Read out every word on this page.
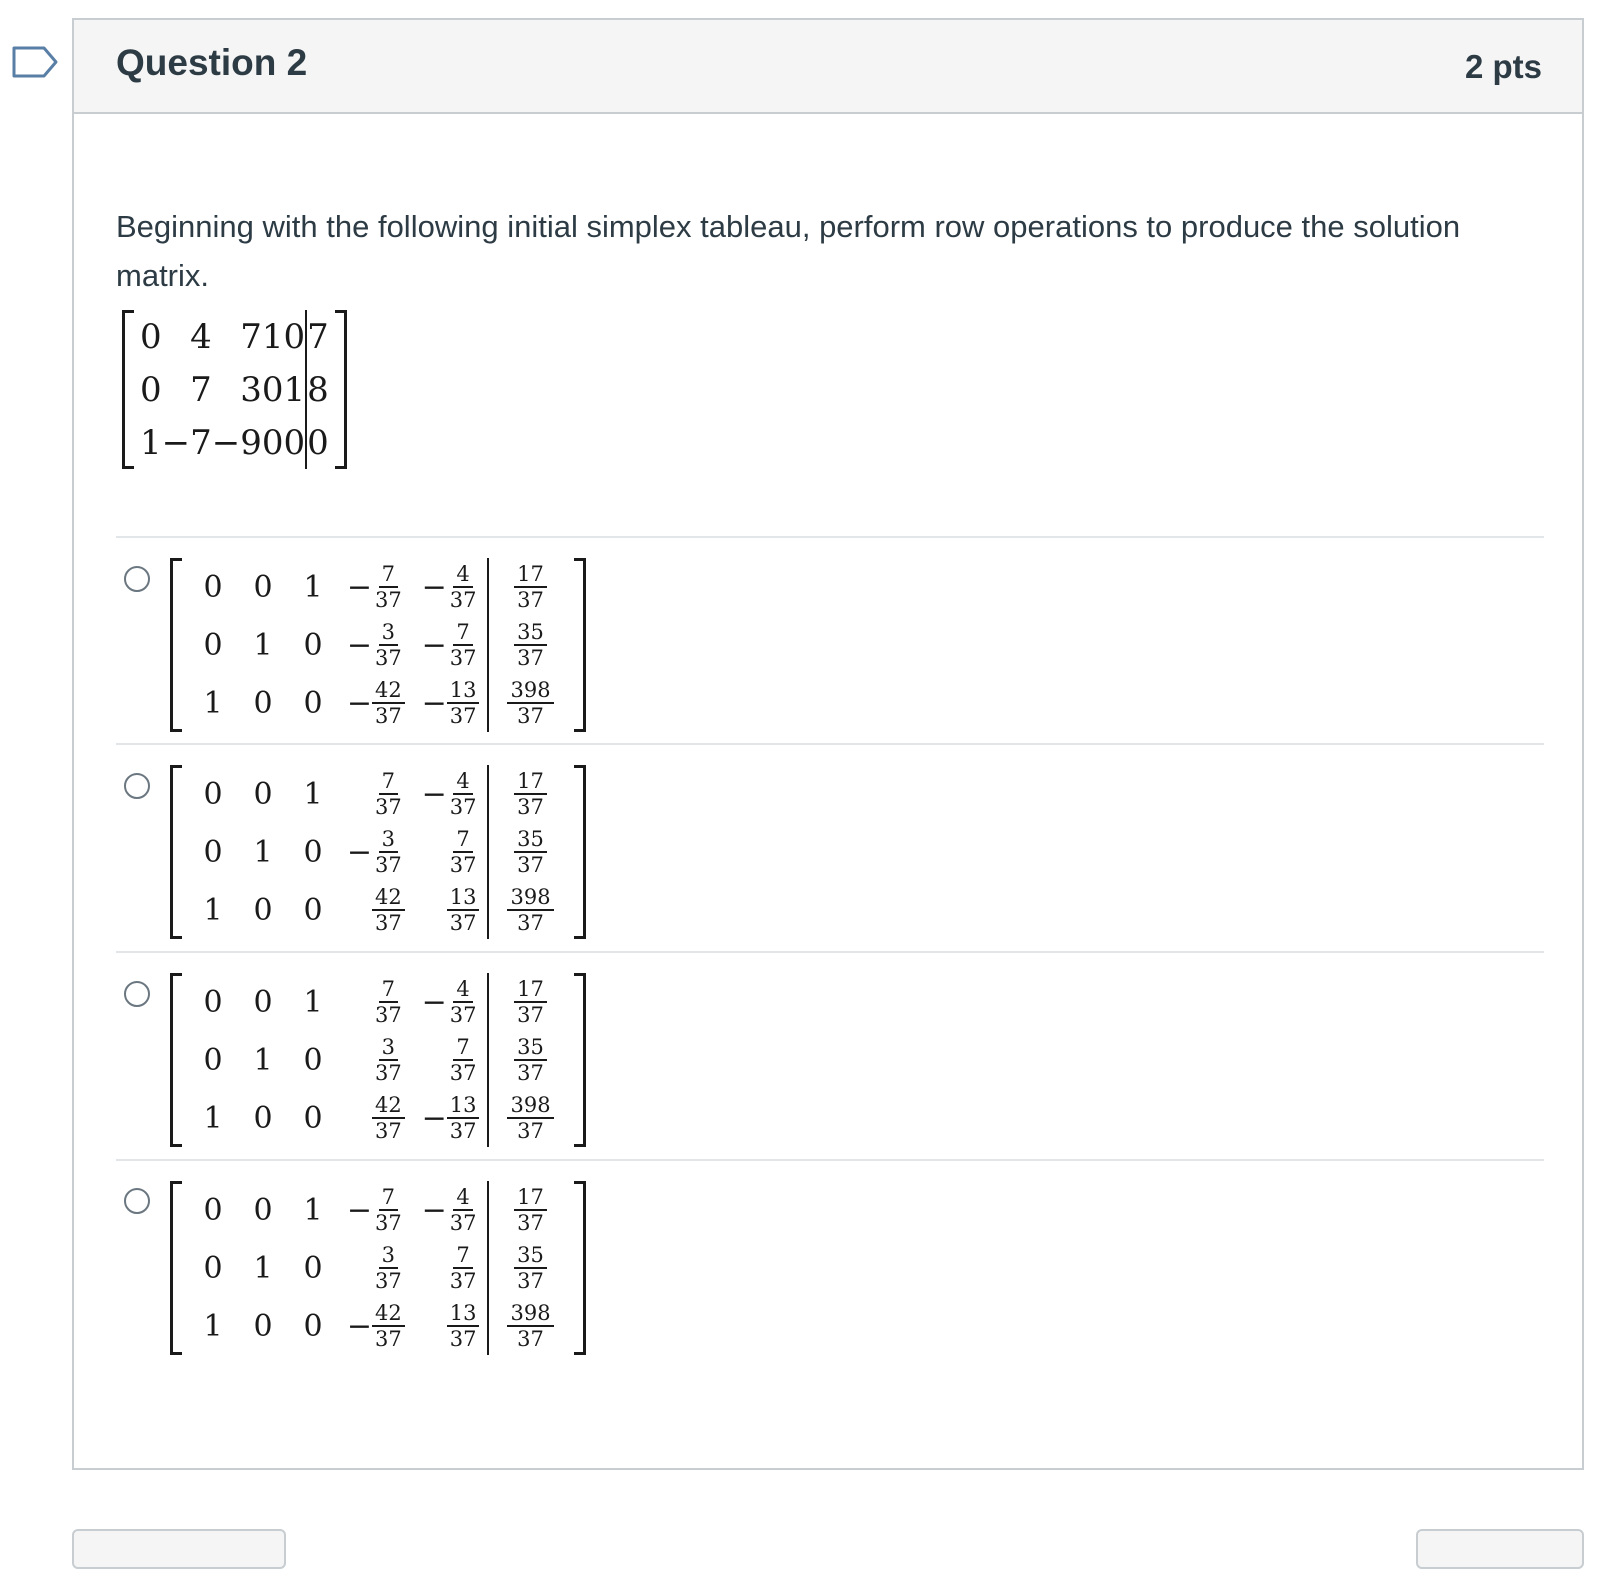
Question 2	2 pts
Beginning with the following initial simplex tableau, perform row operations to produce the solution matrix.
0	4	7	1	0	7
0	7	3	0	1	8
1	−7	−9	0	0	0
0	0	1	− $\frac{7}{37}$	− $\frac{4}{37}$	$\frac{17}{37}$

0	1	0	− $\frac{3}{37}$	− $\frac{7}{37}$	$\frac{35}{37}$

1	0	0	− $\frac{42}{37}$	− $\frac{13}{37}$	$\frac{398}{37}$
0	0	1	$\frac{7}{37}$	− $\frac{4}{37}$	$\frac{17}{37}$

0	1	0	− $\frac{3}{37}$	$\frac{7}{37}$	$\frac{35}{37}$

1	0	0	$\frac{42}{37}$	$\frac{13}{37}$	$\frac{398}{37}$
0	0	1	$\frac{7}{37}$	− $\frac{4}{37}$	$\frac{17}{37}$

0	1	0	$\frac{3}{37}$	$\frac{7}{37}$	$\frac{35}{37}$

1	0	0	$\frac{42}{37}$	− $\frac{13}{37}$	$\frac{398}{37}$
0	0	1	− $\frac{7}{37}$	− $\frac{4}{37}$	$\frac{17}{37}$

0	1	0	$\frac{3}{37}$	$\frac{7}{37}$	$\frac{35}{37}$

1	0	0	− $\frac{42}{37}$	$\frac{13}{37}$	$\frac{398}{37}$
